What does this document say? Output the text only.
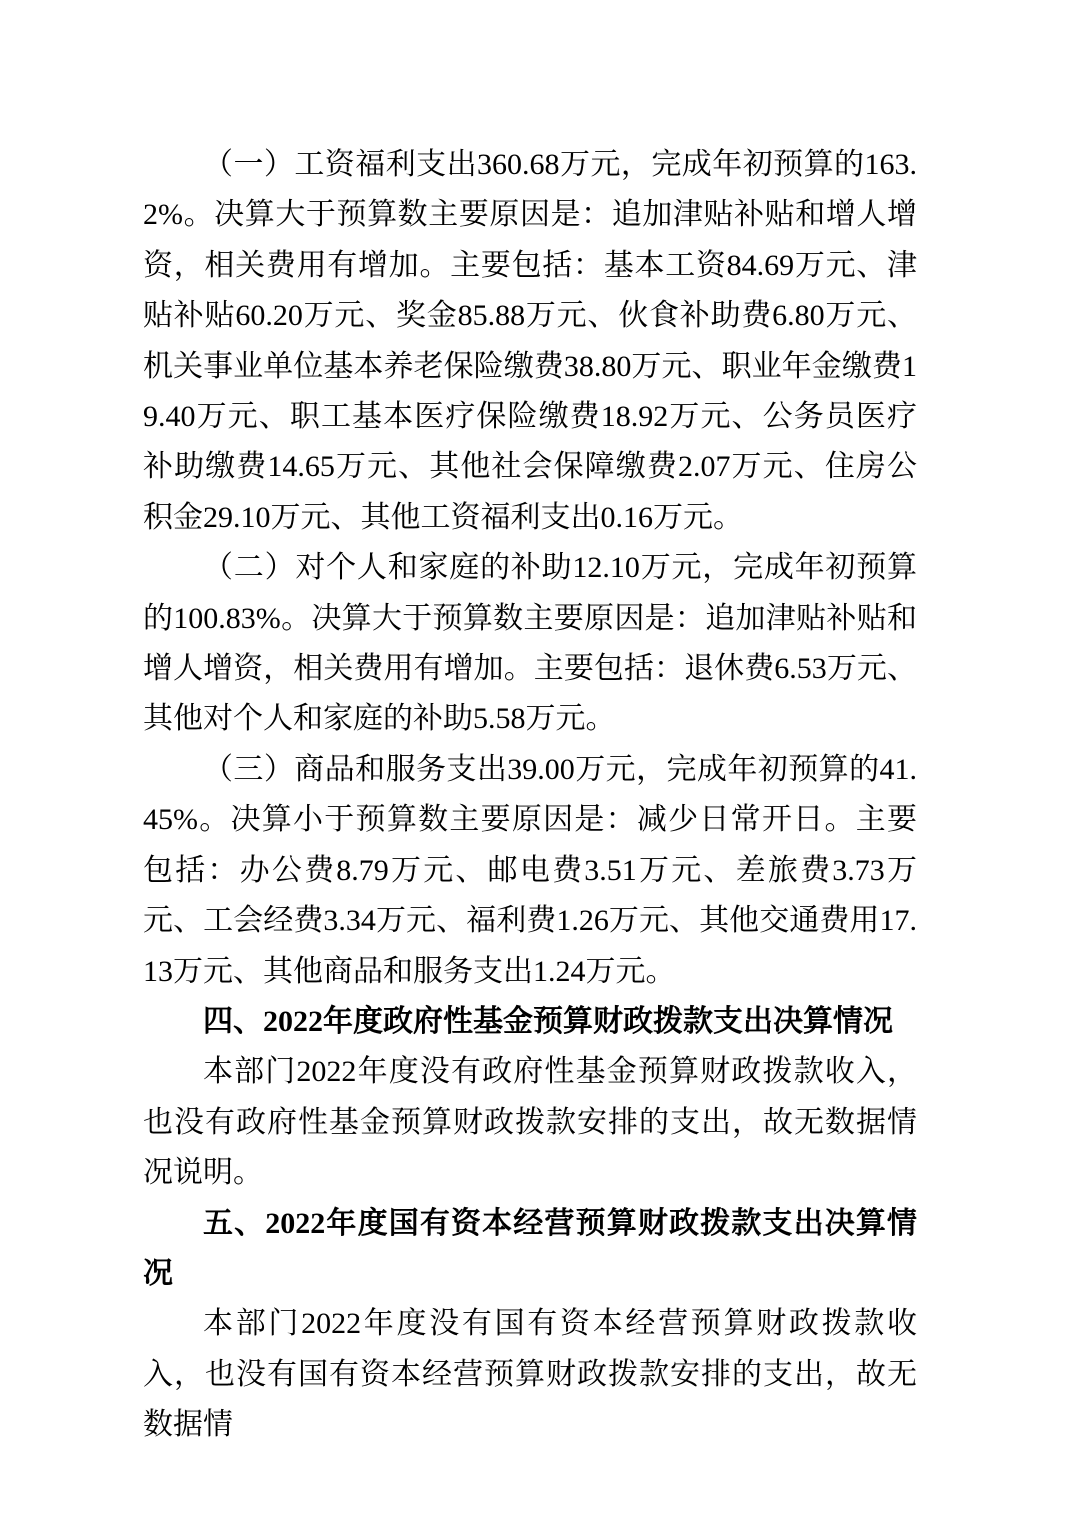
（一）工资福利支出360.68万元，完成年初预算的163.2%。决算大于预算数主要原因是：追加津贴补贴和增人增资，相关费用有增加。主要包括：基本工资84.69万元、津贴补贴60.20万元、奖金85.88万元、伙食补助费6.80万元、机关事业单位基本养老保险缴费38.80万元、职业年金缴费19.40万元、职工基本医疗保险缴费18.92万元、公务员医疗补助缴费14.65万元、其他社会保障缴费2.07万元、住房公积金29.10万元、其他工资福利支出0.16万元。

（二）对个人和家庭的补助12.10万元，完成年初预算的100.83%。决算大于预算数主要原因是：追加津贴补贴和增人增资，相关费用有增加。主要包括：退休费6.53万元、其他对个人和家庭的补助5.58万元。

（三）商品和服务支出39.00万元，完成年初预算的41.45%。决算小于预算数主要原因是：减少日常开日。主要包括：办公费8.79万元、邮电费3.51万元、差旅费3.73万元、工会经费3.34万元、福利费1.26万元、其他交通费用17.13万元、其他商品和服务支出1.24万元。

四、2022年度政府性基金预算财政拨款支出决算情况

本部门2022年度没有政府性基金预算财政拨款收入，也没有政府性基金预算财政拨款安排的支出，故无数据情况说明。

五、2022年度国有资本经营预算财政拨款支出决算情况

本部门2022年度没有国有资本经营预算财政拨款收入，也没有国有资本经营预算财政拨款安排的支出，故无数据情
